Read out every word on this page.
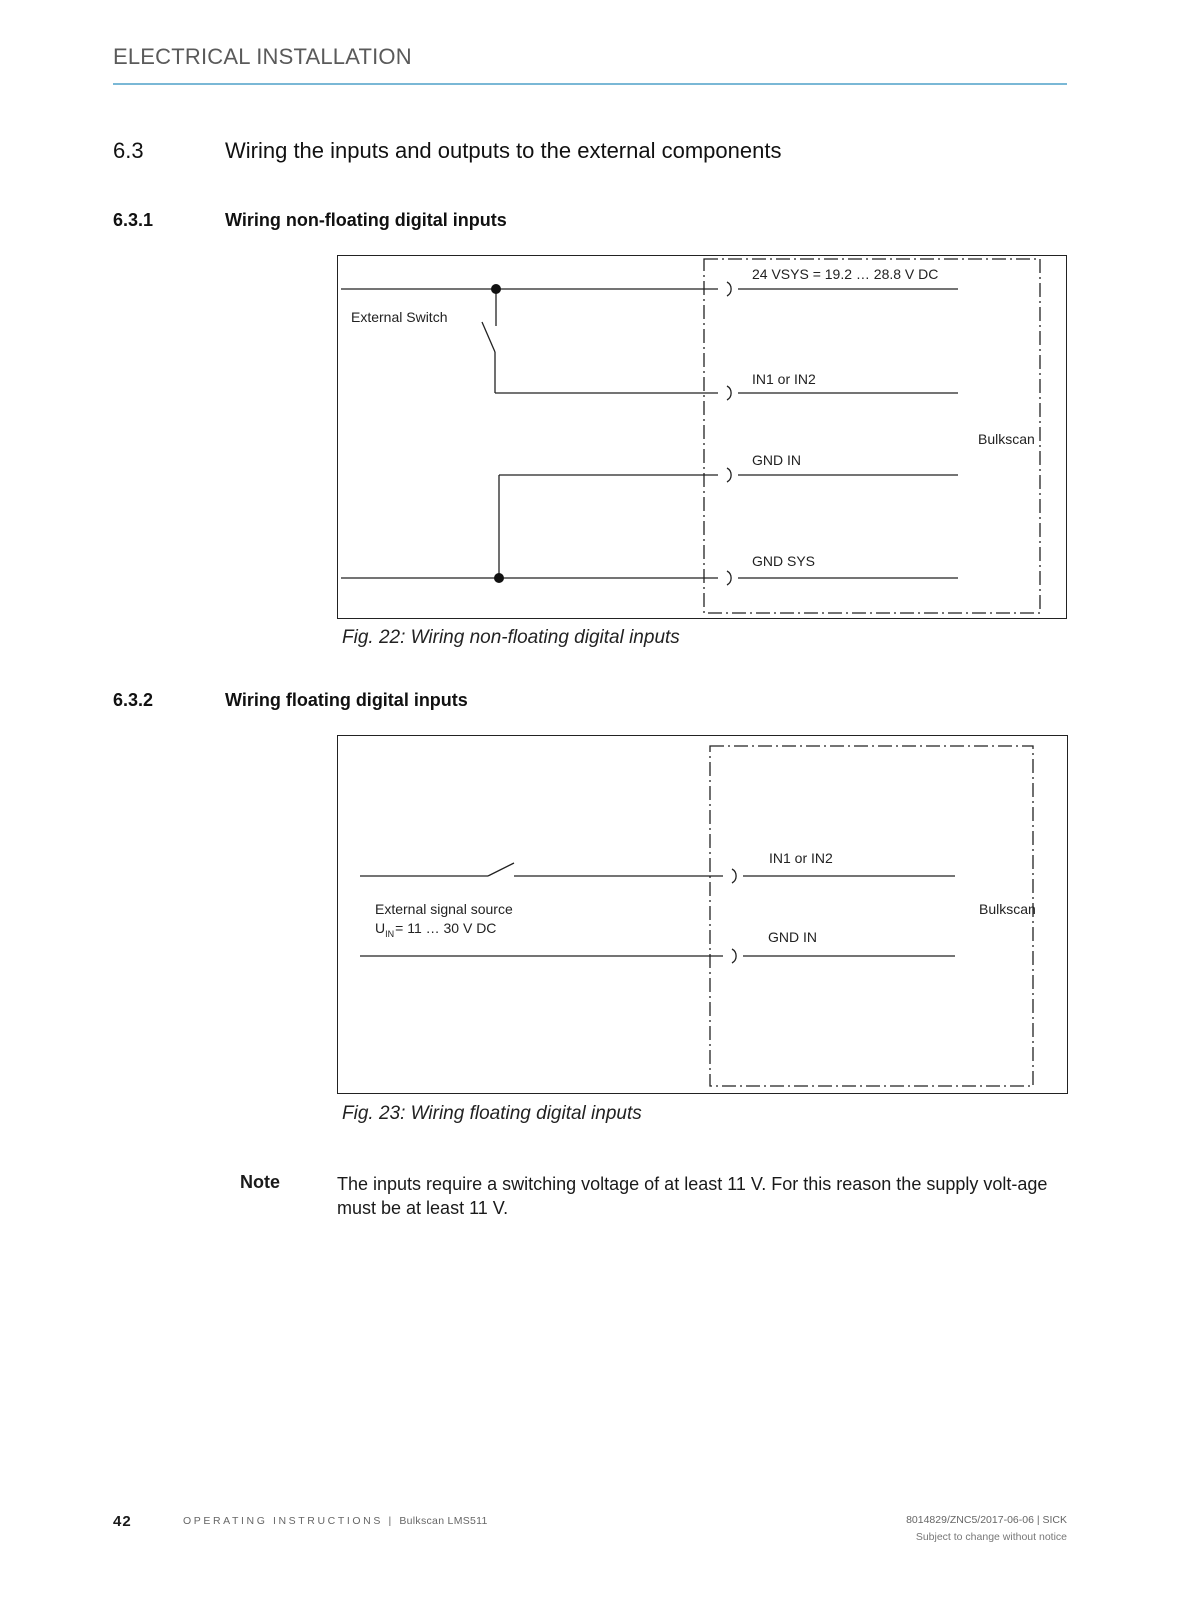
ELECTRICAL INSTALLATION
6.3	Wiring the inputs and outputs to the external components
6.3.1	Wiring non-floating digital inputs
24 VSYS = 19.2 … 28.8 V DC
External Switch
IN1 or IN2
Bulkscan
GND IN
GND SYS
Fig. 22: Wiring non-floating digital inputs
6.3.2	Wiring floating digital inputs
IN1 or IN2
External signal source
$U_{IN}= 11$ … 30 V DC
Bulkscan
GND IN
Fig. 23: Wiring floating digital inputs
Note	The inputs require a switching voltage of at least 11 V. For this reason the supply volt-age must be at least 11 V.
42	OPERATING INSTRUCTIONS | Bulkscan LMS511	8014829/ZNC5/2017-06-06 | SICK
Subject to change without notice
